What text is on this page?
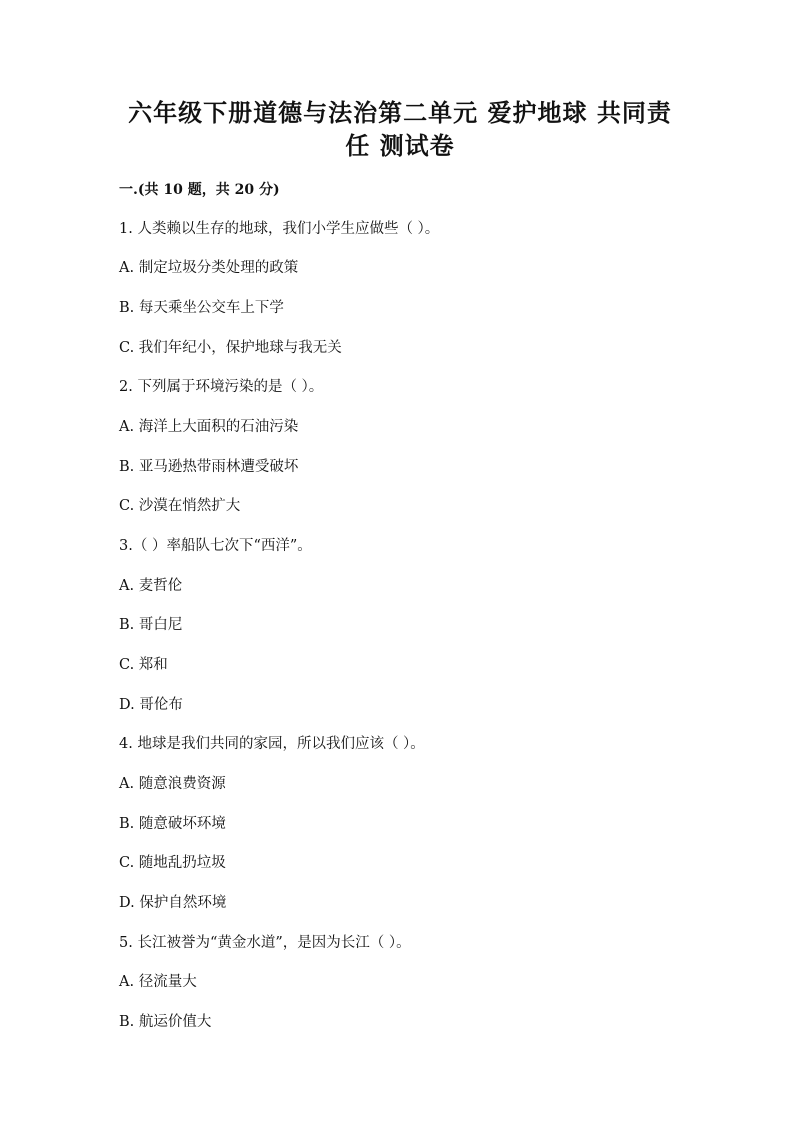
六年级下册道德与法治第二单元 爱护地球 共同责
任 测试卷
一.(共 10 题，共 20 分)
1. 人类赖以生存的地球，我们小学生应做些（ ）。
A. 制定垃圾分类处理的政策
B. 每天乘坐公交车上下学
C. 我们年纪小，保护地球与我无关
2. 下列属于环境污染的是（ ）。
A. 海洋上大面积的石油污染
B. 亚马逊热带雨林遭受破坏
C. 沙漠在悄然扩大
3.（ ）率船队七次下“西洋”。
A. 麦哲伦
B. 哥白尼
C. 郑和
D. 哥伦布
4. 地球是我们共同的家园，所以我们应该（ ）。
A. 随意浪费资源
B. 随意破坏环境
C. 随地乱扔垃圾
D. 保护自然环境
5. 长江被誉为“黄金水道”，是因为长江（ ）。
A. 径流量大
B. 航运价值大
